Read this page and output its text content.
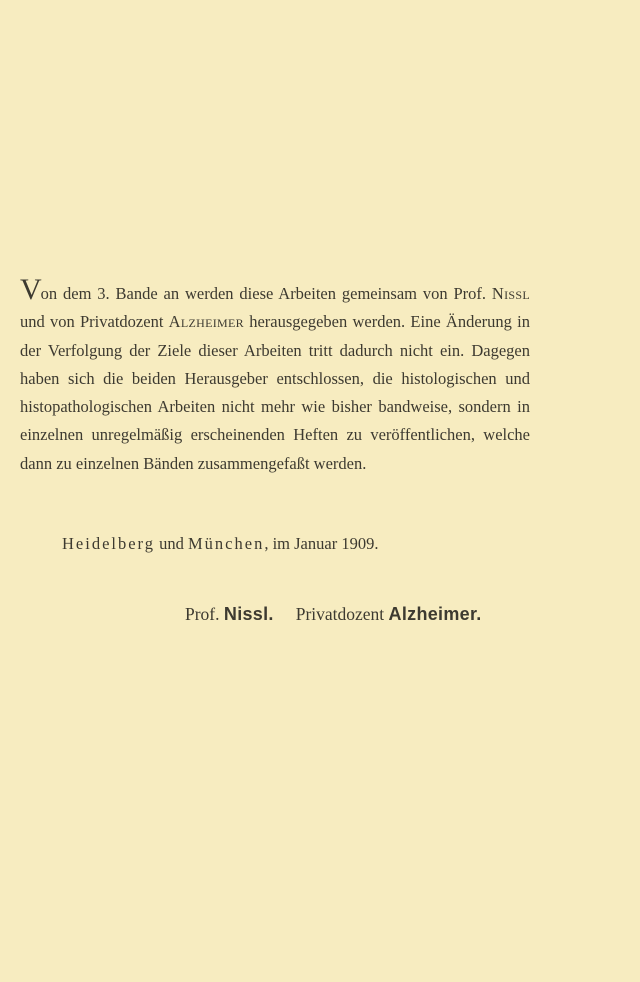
Von dem 3. Bande an werden diese Arbeiten gemeinsam von Prof. Nissl und von Privatdozent Alzheimer herausgegeben werden. Eine Änderung in der Verfolgung der Ziele dieser Arbeiten tritt dadurch nicht ein. Dagegen haben sich die beiden Herausgeber entschlossen, die histologischen und histopathologischen Arbeiten nicht mehr wie bisher bandweise, sondern in einzelnen unregelmäßig erscheinenden Heften zu veröffentlichen, welche dann zu einzelnen Bänden zusammengefaßt werden.

Heidelberg und München, im Januar 1909.
Prof. Nissl. Privatdozent Alzheimer.
